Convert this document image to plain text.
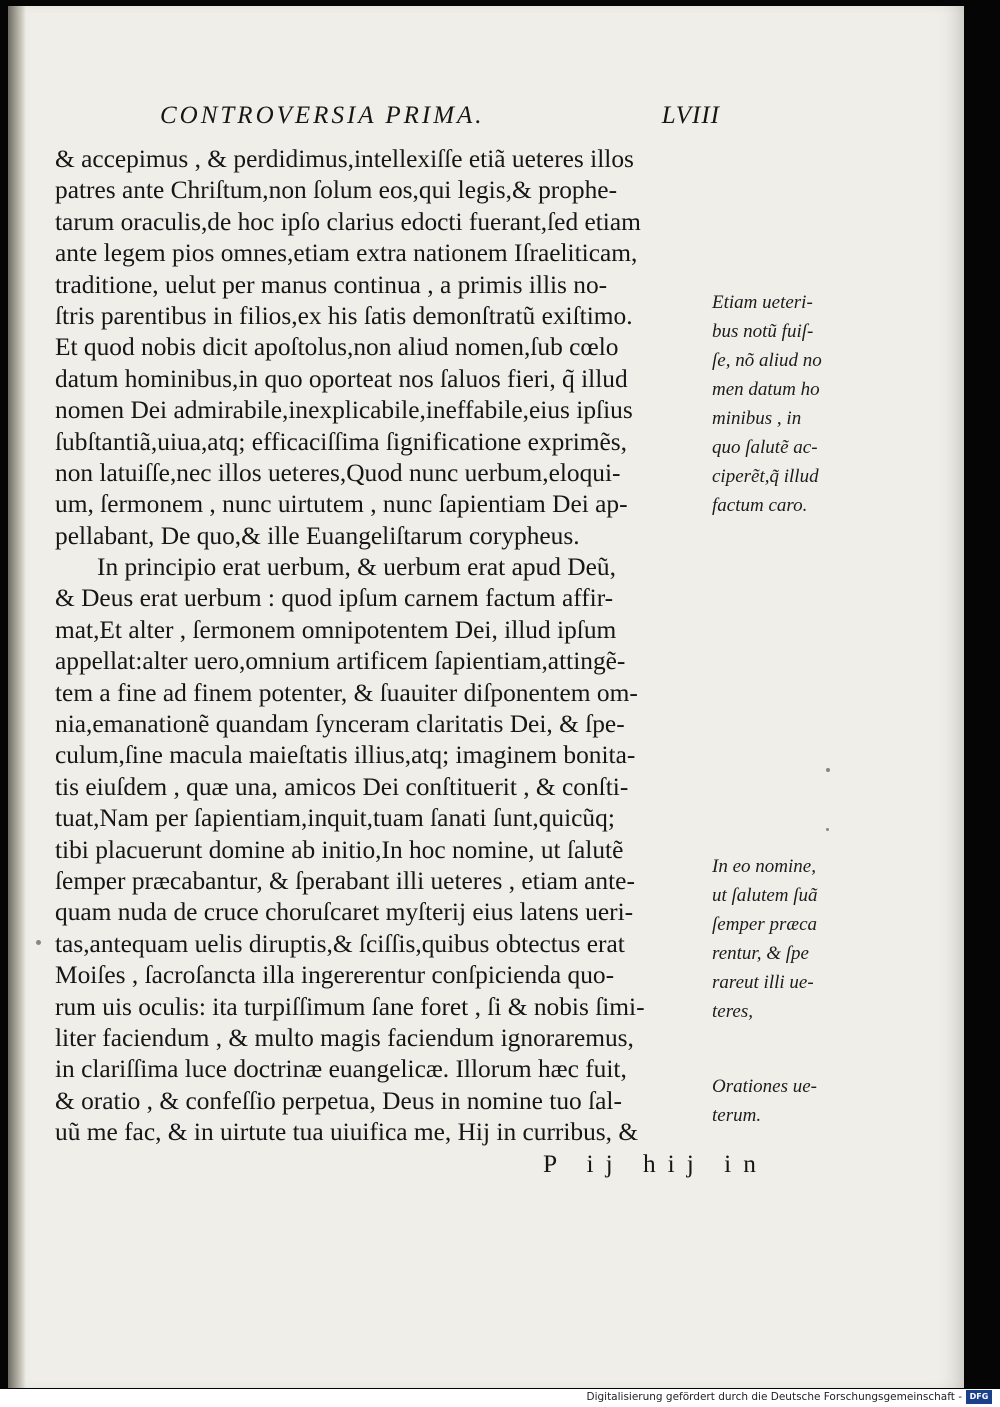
CONTROVERSIA PRIMA.	LVIII
& accepimus , & perdidimus,intellexiſſe etiã ueteres illos
patres ante Chriſtum,non ſolum eos,qui legis,& prophe-
tarum oraculis,de hoc ipſo clarius edocti fuerant,ſed etiam
ante legem pios omnes,etiam extra nationem Iſraeliticam,
traditione, uelut per manus continua , a primis illis no-
ſtris parentibus in filios,ex his ſatis demonſtratũ exiſtimo.
Et quod nobis dicit apoſtolus,non aliud nomen,ſub cœlo
datum hominibus,in quo oporteat nos ſaluos fieri, q̃ illud
nomen Dei admirabile,inexplicabile,ineffabile,eius ipſius
ſubſtantiã,uiua,atq; efficaciſſima ſignificatione exprimẽs,
non latuiſſe,nec illos ueteres,Quod nunc uerbum,eloqui-
um, ſermonem , nunc uirtutem , nunc ſapientiam Dei ap-
pellabant, De quo,& ille Euangeliſtarum corypheus.
In principio erat uerbum, & uerbum erat apud Deũ,
& Deus erat uerbum : quod ipſum carnem factum affir-
mat,Et alter , ſermonem omnipotentem Dei, illud ipſum
appellat:alter uero,omnium artificem ſapientiam,attingẽ-
tem a fine ad finem potenter, & ſuauiter diſponentem om-
nia,emanationẽ quandam ſynceram claritatis Dei, & ſpe-
culum,ſine macula maieſtatis illius,atq; imaginem bonita-
tis eiuſdem , quæ una, amicos Dei conſtituerit , & conſti-
tuat,Nam per ſapientiam,inquit,tuam ſanati ſunt,quicũq;
tibi placuerunt domine ab initio,In hoc nomine, ut ſalutẽ
ſemper præcabantur, & ſperabant illi ueteres , etiam ante-
quam nuda de cruce choruſcaret myſterij eius latens ueri-
tas,antequam uelis diruptis,& ſciſſis,quibus obtectus erat
Moiſes , ſacroſancta illa ingererentur conſpicienda quo-
rum uis oculis: ita turpiſſimum ſane foret , ſi & nobis ſimi-
liter faciendum , & multo magis faciendum ignoraremus,
in clariſſima luce doctrinæ euangelicæ. Illorum hæc fuit,
& oratio , & confeſſio perpetua, Deus in nomine tuo ſal-
uũ me fac, & in uirtute tua uiuifica me, Hij in curribus, &
P ij hij in
Etiam ueteri-
bus notũ fuiſ-
ſe, nõ aliud no
men datum ho
minibus , in
quo ſalutẽ ac-
ciperẽt,q̃ illud
factum caro.
In eo nomine,
ut ſalutem ſuã
ſemper præca
rentur, & ſpe
rareut illi ue-
teres,
Orationes ue-
terum.
Digitalisierung gefördert durch die Deutsche Forschungsgemeinschaft - DFG
